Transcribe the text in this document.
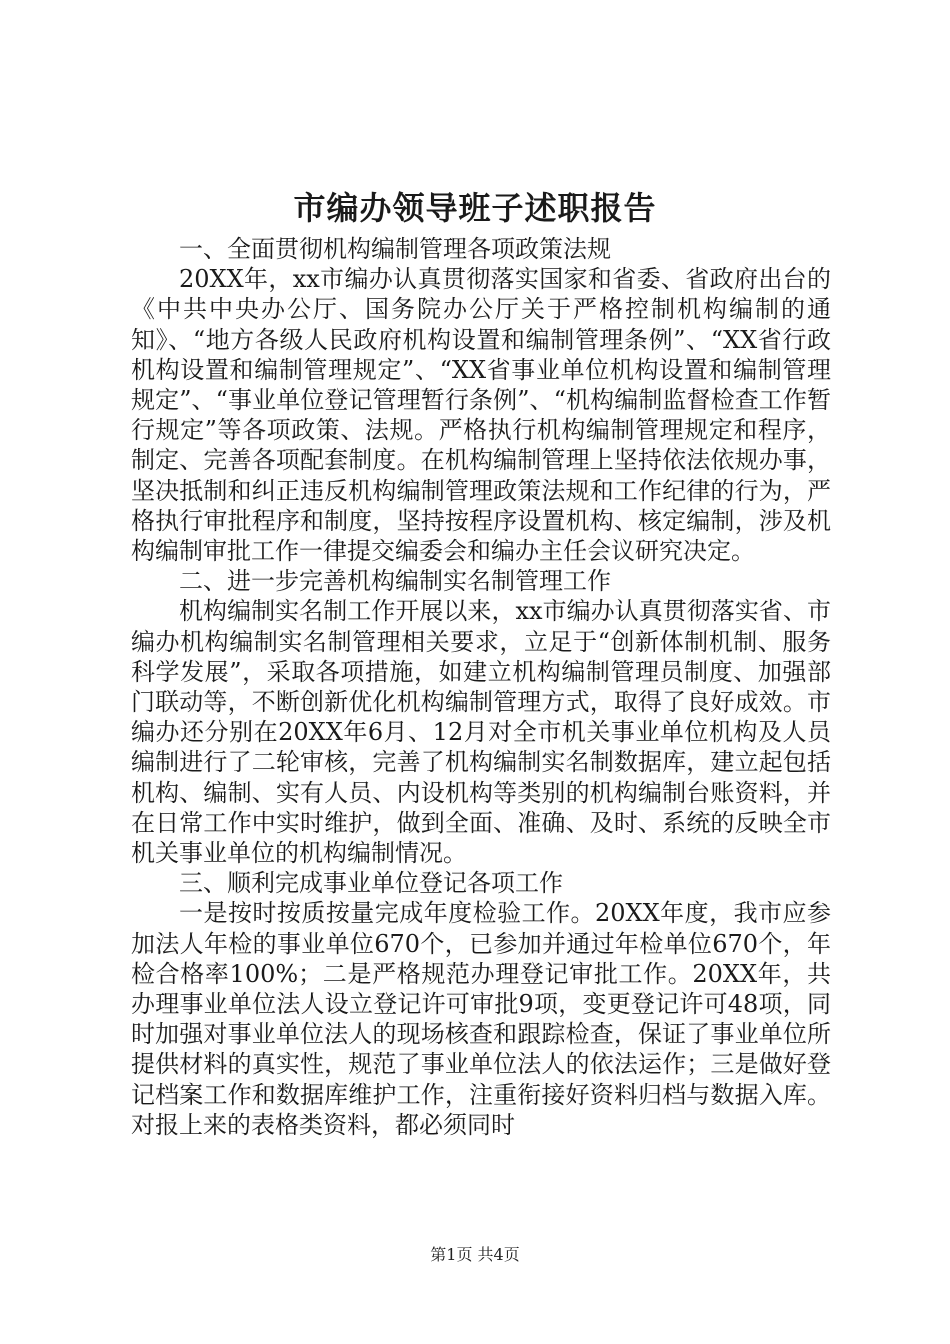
市编办领导班子述职报告

一、全面贯彻机构编制管理各项政策法规

20XX年，xx市编办认真贯彻落实国家和省委、省政府出台的《中共中央办公厅、国务院办公厅关于严格控制机构编制的通知》、“地方各级人民政府机构设置和编制管理条例”、“XX省行政机构设置和编制管理规定”、“XX省事业单位机构设置和编制管理规定”、“事业单位登记管理暂行条例”、“机构编制监督检查工作暂行规定”等各项政策、法规。严格执行机构编制管理规定和程序，制定、完善各项配套制度。在机构编制管理上坚持依法依规办事，坚决抵制和纠正违反机构编制管理政策法规和工作纪律的行为，严格执行审批程序和制度，坚持按程序设置机构、核定编制，涉及机构编制审批工作一律提交编委会和编办主任会议研究决定。

二、进一步完善机构编制实名制管理工作

机构编制实名制工作开展以来，xx市编办认真贯彻落实省、市编办机构编制实名制管理相关要求，立足于“创新体制机制、服务科学发展”，采取各项措施，如建立机构编制管理员制度、加强部门联动等，不断创新优化机构编制管理方式，取得了良好成效。市编办还分别在20XX年6月、12月对全市机关事业单位机构及人员编制进行了二轮审核，完善了机构编制实名制数据库，建立起包括机构、编制、实有人员、内设机构等类别的机构编制台账资料，并在日常工作中实时维护，做到全面、准确、及时、系统的反映全市机关事业单位的机构编制情况。

三、顺利完成事业单位登记各项工作

一是按时按质按量完成年度检验工作。20XX年度，我市应参加法人年检的事业单位670个，已参加并通过年检单位670个，年检合格率100%；二是严格规范办理登记审批工作。20XX年，共办理事业单位法人设立登记许可审批9项，变更登记许可48项，同时加强对事业单位法人的现场核查和跟踪检查，保证了事业单位所提供材料的真实性，规范了事业单位法人的依法运作；三是做好登记档案工作和数据库维护工作，注重衔接好资料归档与数据入库。对报上来的表格类资料，都必须同时

第1页 共4页
